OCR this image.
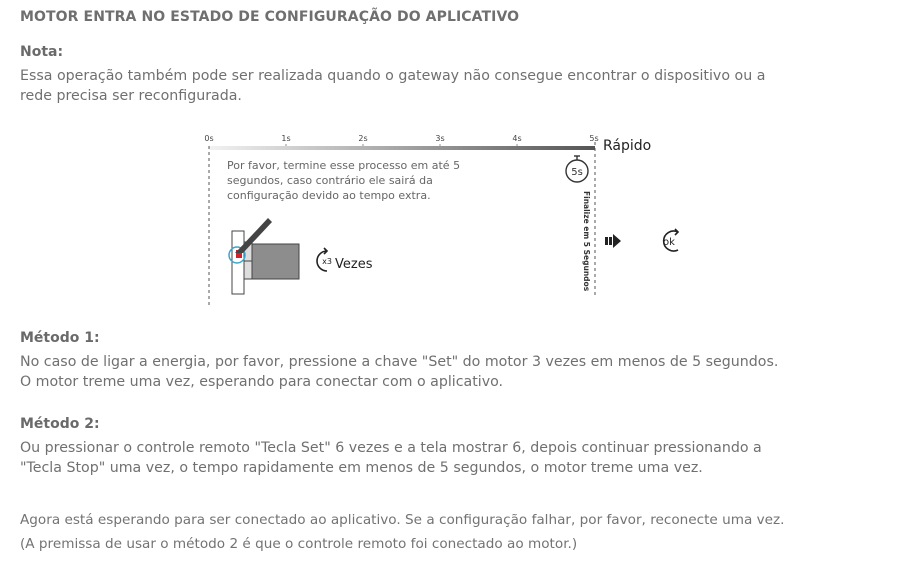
MOTOR ENTRA NO ESTADO DE CONFIGURAÇÃO DO APLICATIVO
Nota:
Essa operação também pode ser realizada quando o gateway não consegue encontrar o dispositivo ou a
rede precisa ser reconfigurada.
0s	1s	2s	3s	4s	5s Rápido
5s
Por favor, termine esse processo em até 5
segundos, caso contrário ele sairá da
configuração devido ao tempo extra.
x3 Vezes	Finalize em 5 Segundos	ok
Método 1:
No caso de ligar a energia, por favor, pressione a chave "Set" do motor 3 vezes em menos de 5 segundos.
O motor treme uma vez, esperando para conectar com o aplicativo.
Método 2:
Ou pressionar o controle remoto "Tecla Set" 6 vezes e a tela mostrar 6, depois continuar pressionando a
"Tecla Stop" uma vez, o tempo rapidamente em menos de 5 segundos, o motor treme uma vez.
Agora está esperando para ser conectado ao aplicativo. Se a configuração falhar, por favor, reconecte uma vez.
(A premissa de usar o método 2 é que o controle remoto foi conectado ao motor.)
